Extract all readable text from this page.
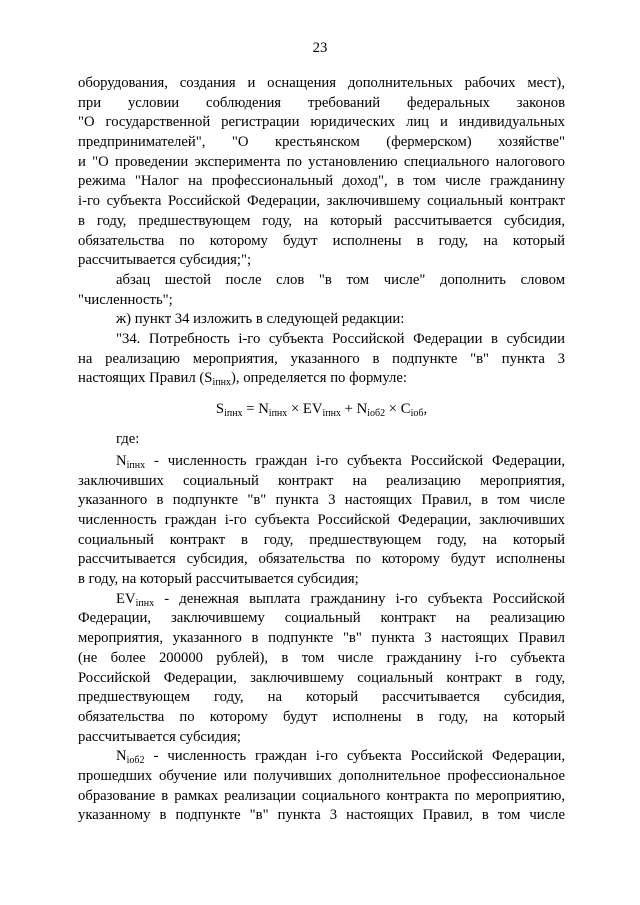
23
оборудования, создания и оснащения дополнительных рабочих мест),
при условии соблюдения требований федеральных законов
"О государственной регистрации юридических лиц и индивидуальных
предпринимателей", "О крестьянском (фермерском) хозяйстве"
и "О проведении эксперимента по установлению специального налогового
режима "Налог на профессиональный доход", в том числе гражданину
i-го субъекта Российской Федерации, заключившему социальный контракт
в году, предшествующем году, на который рассчитывается субсидия,
обязательства по которому будут исполнены в году, на который
рассчитывается субсидия;";
абзац шестой после слов "в том числе" дополнить словом
"численность";
ж) пункт 34 изложить в следующей редакции:
"34. Потребность i-го субъекта Российской Федерации в субсидии
на реализацию мероприятия, указанного в подпункте "в" пункта 3
настоящих Правил $(S_{iпнх})$, определяется по формуле:
$S_{iпнх} = N_{iпнх} \times EV_{iпнх} + N_{iоб2} \times C_{iоб}$,
где:
$N_{iпнх}$ - численность граждан i-го субъекта Российской Федерации,
заключивших социальный контракт на реализацию мероприятия,
указанного в подпункте "в" пункта 3 настоящих Правил, в том числе
численность граждан i-го субъекта Российской Федерации, заключивших
социальный контракт в году, предшествующем году, на который
рассчитывается субсидия, обязательства по которому будут исполнены
в году, на который рассчитывается субсидия;
$EV_{iпнх}$ - денежная выплата гражданину i-го субъекта Российской
Федерации, заключившему социальный контракт на реализацию
мероприятия, указанного в подпункте "в" пункта 3 настоящих Правил
(не более 200000 рублей), в том числе гражданину i-го субъекта
Российской Федерации, заключившему социальный контракт в году,
предшествующем году, на который рассчитывается субсидия,
обязательства по которому будут исполнены в году, на который
рассчитывается субсидия;
$N_{iоб2}$ - численность граждан i-го субъекта Российской Федерации,
прошедших обучение или получивших дополнительное профессиональное
образование в рамках реализации социального контракта по мероприятию,
указанному в подпункте "в" пункта 3 настоящих Правил, в том числе
